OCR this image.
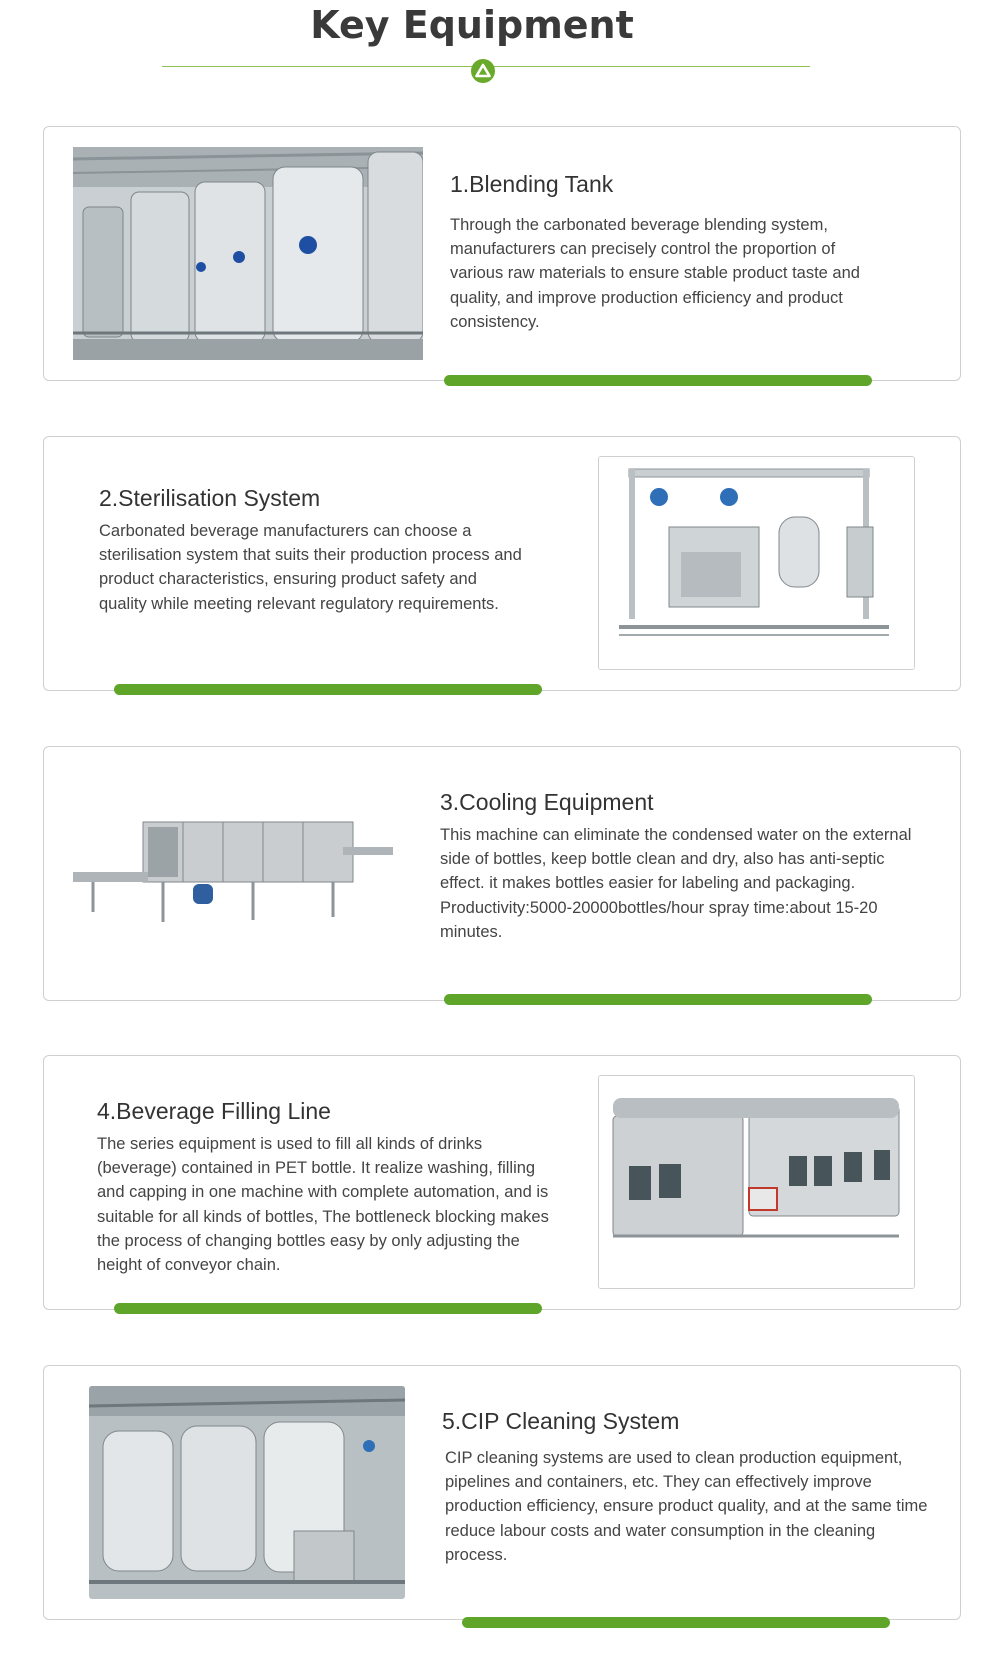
Key Equipment
1.Blending Tank

Through the carbonated beverage blending system, manufacturers can precisely control the proportion of various raw materials to ensure stable product taste and quality, and improve production efficiency and product consistency.

2.Sterilisation System

Carbonated beverage manufacturers can choose a sterilisation system that suits their production process and product characteristics, ensuring product safety and quality while meeting relevant regulatory requirements.

3.Cooling Equipment

This machine can eliminate the condensed water on the external side of bottles, keep bottle clean and dry, also has anti-septic effect. it makes bottles easier for labeling and packaging. Productivity:5000-20000bottles/hour spray time:about 15-20 minutes.

4.Beverage Filling Line

The series equipment is used to fill all kinds of drinks (beverage) contained in PET bottle. It realize washing, filling and capping in one machine with complete automation, and is suitable for all kinds of bottles, The bottleneck blocking makes the process of changing bottles easy by only adjusting the height of conveyor chain.

5.CIP Cleaning System

CIP cleaning systems are used to clean production equipment, pipelines and containers, etc. They can effectively improve production efficiency, ensure product quality, and at the same time reduce labour costs and water consumption in the cleaning process.
